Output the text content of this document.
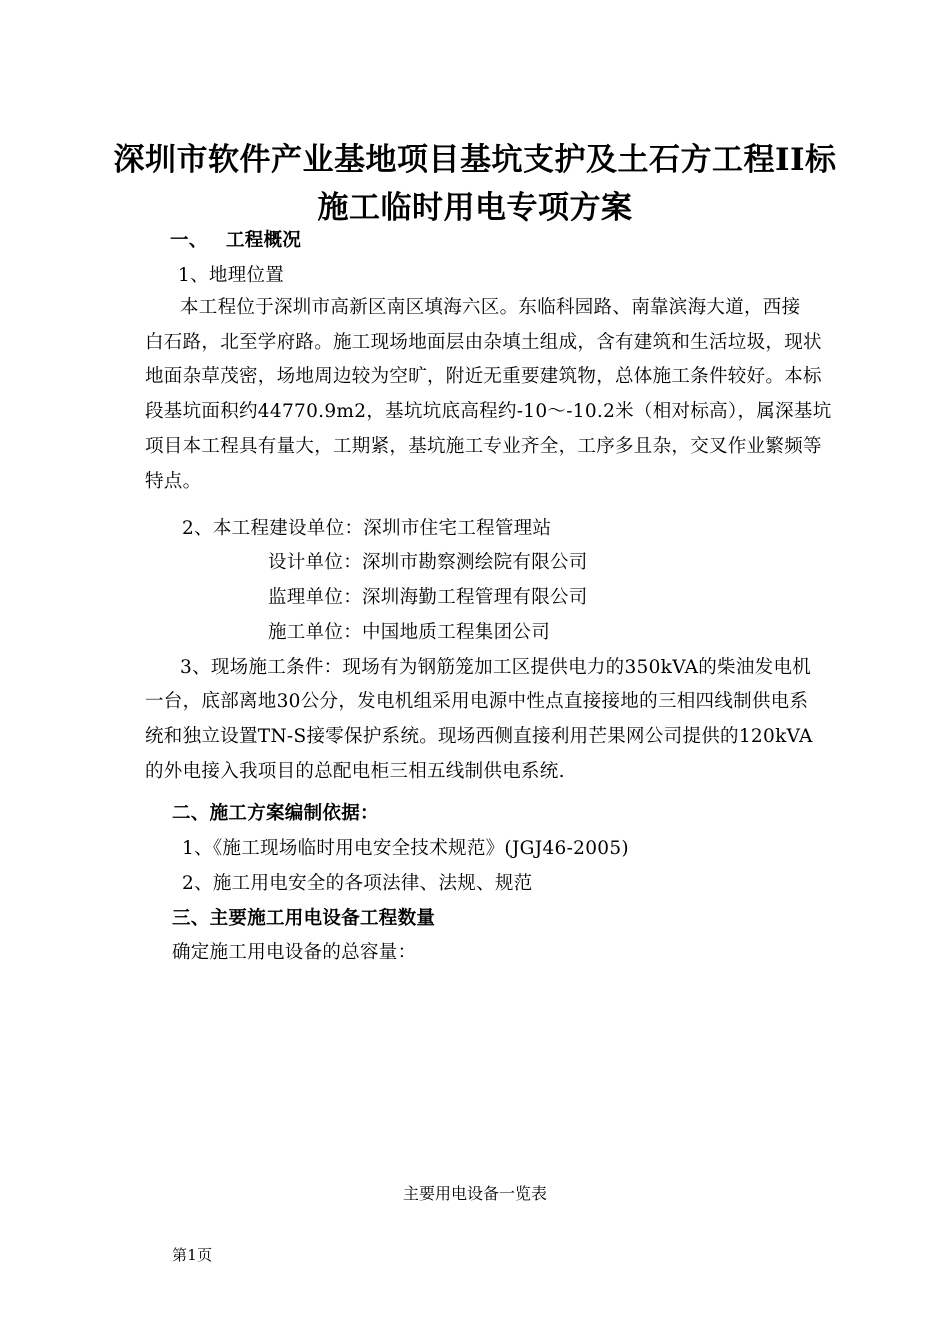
深圳市软件产业基地项目基坑支护及土石方工程II标
施工临时用电专项方案
一、 工程概况
1、地理位置
本工程位于深圳市高新区南区填海六区。东临科园路、南靠滨海大道，西接
白石路，北至学府路。施工现场地面层由杂填土组成，含有建筑和生活垃圾，现状
地面杂草茂密，场地周边较为空旷，附近无重要建筑物，总体施工条件较好。本标
段基坑面积约44770.9m2，基坑坑底高程约-10～-10.2米（相对标高），属深基坑
项目本工程具有量大，工期紧，基坑施工专业齐全，工序多且杂，交叉作业繁频等
特点。
2、本工程建设单位：深圳市住宅工程管理站
设计单位：深圳市勘察测绘院有限公司
监理单位：深圳海勤工程管理有限公司
施工单位：中国地质工程集团公司
3、现场施工条件：现场有为钢筋笼加工区提供电力的350kVA的柴油发电机
一台，底部离地30公分，发电机组采用电源中性点直接接地的三相四线制供电系
统和独立设置TN-S接零保护系统。现场西侧直接利用芒果网公司提供的120kVA
的外电接入我项目的总配电柜三相五线制供电系统.
二、施工方案编制依据：
1、《施工现场临时用电安全技术规范》(JGJ46-2005)
2、施工用电安全的各项法律、法规、规范
三、主要施工用电设备工程数量
确定施工用电设备的总容量：
主要用电设备一览表
第1页
